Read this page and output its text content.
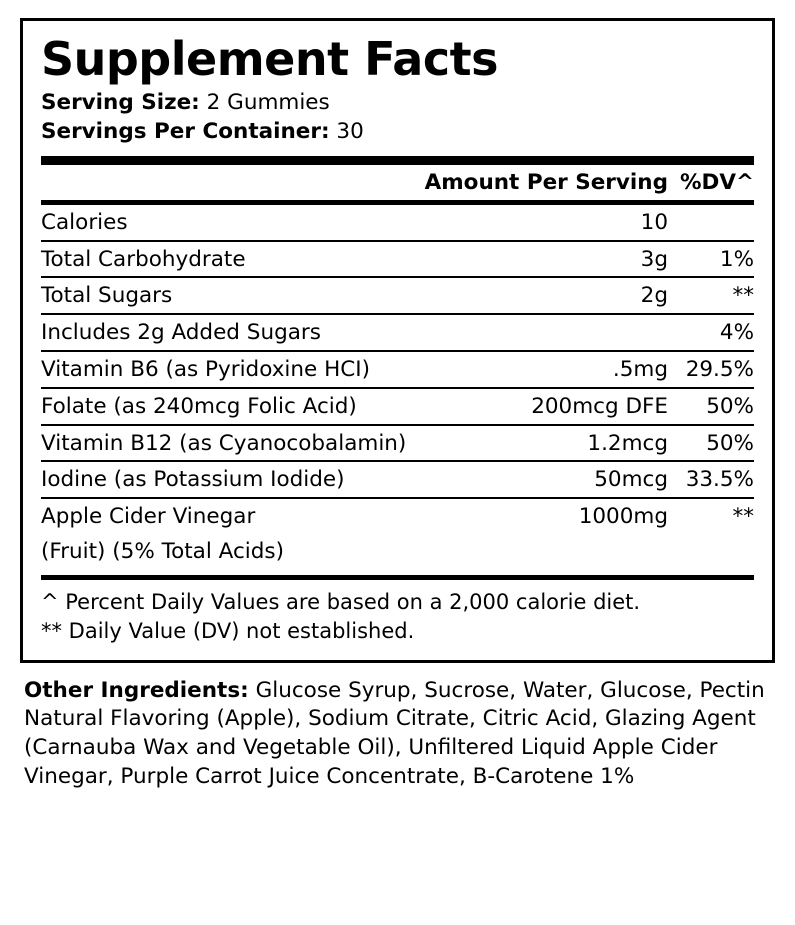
Supplement Facts
Serving Size: 2 Gummies
Servings Per Container: 30
	Amount Per Serving	%DV^
Calories	10	
Total Carbohydrate	3g	1%
Total Sugars	2g	**
Includes 2g Added Sugars		4%
Vitamin B6 (as Pyridoxine HCI)	.5mg	29.5%
Folate (as 240mcg Folic Acid)	200mcg DFE	50%
Vitamin B12 (as Cyanocobalamin)	1.2mcg	50%
Iodine (as Potassium Iodide)	50mcg	33.5%
Apple Cider Vinegar	1000mg	**
(Fruit) (5% Total Acids)		
^ Percent Daily Values are based on a 2,000 calorie diet.
** Daily Value (DV) not established.
Other Ingredients: Glucose Syrup, Sucrose, Water, Glucose, Pectin Natural Flavoring (Apple), Sodium Citrate, Citric Acid, Glazing Agent (Carnauba Wax and Vegetable Oil), Unfiltered Liquid Apple Cider Vinegar, Purple Carrot Juice Concentrate, B-Carotene 1%
